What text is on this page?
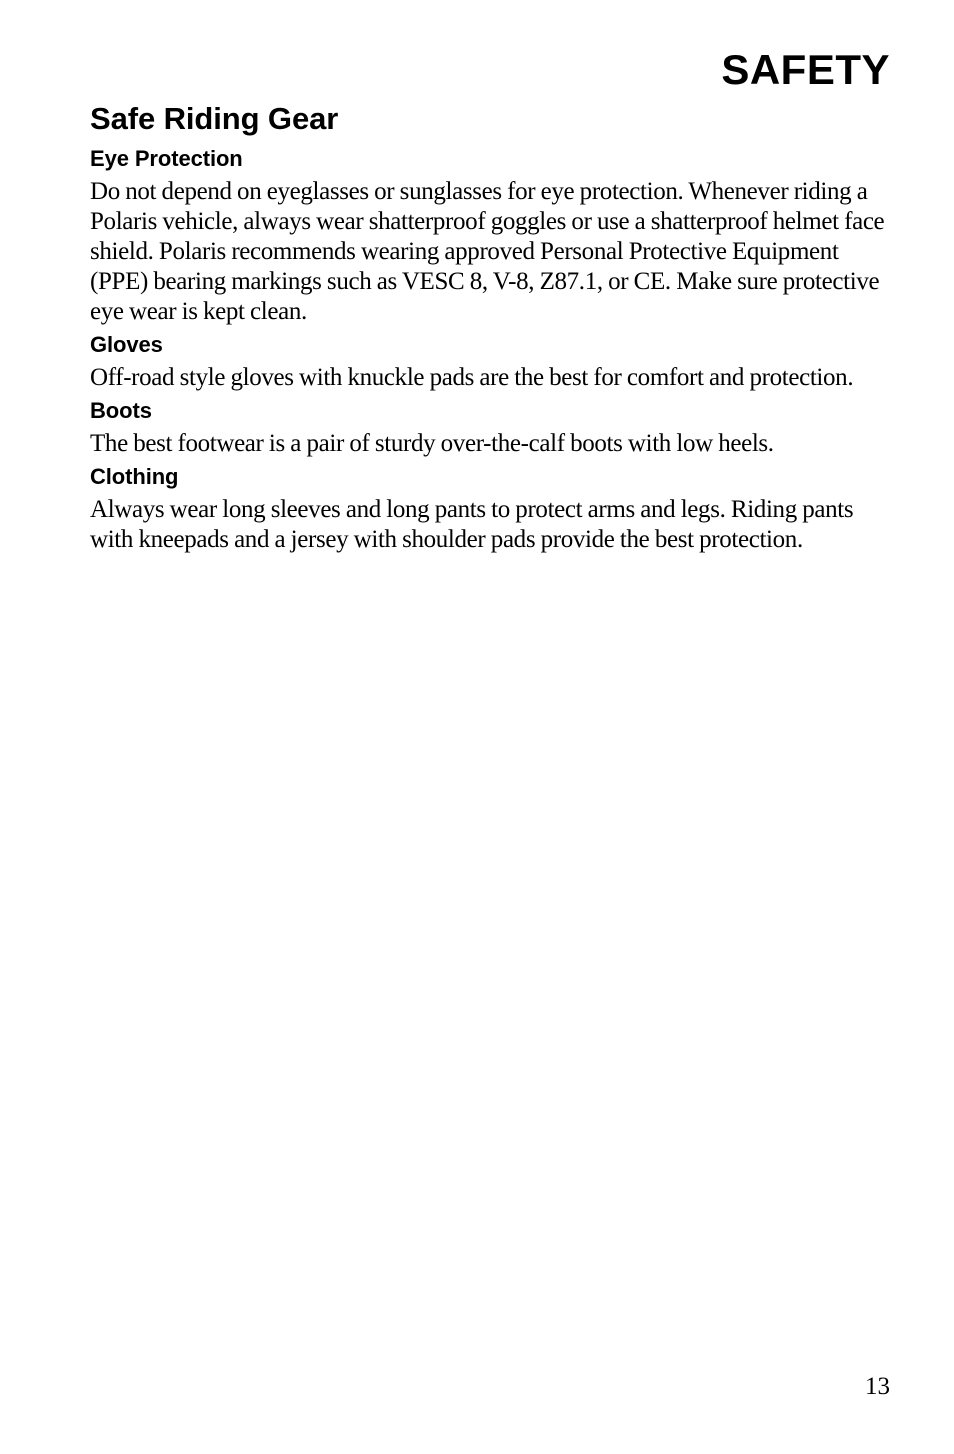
SAFETY
Safe Riding Gear
Eye Protection

Do not depend on eyeglasses or sunglasses for eye protection. Whenever riding a Polaris vehicle, always wear shatterproof goggles or use a shatterproof helmet face shield. Polaris recommends wearing approved Personal Protective Equipment (PPE) bearing markings such as VESC 8, V-8, Z87.1, or CE. Make sure protective eye wear is kept clean.

Gloves

Off-road style gloves with knuckle pads are the best for comfort and protection.

Boots

The best footwear is a pair of sturdy over-the-calf boots with low heels.

Clothing

Always wear long sleeves and long pants to protect arms and legs. Riding pants with kneepads and a jersey with shoulder pads provide the best protection.

13
